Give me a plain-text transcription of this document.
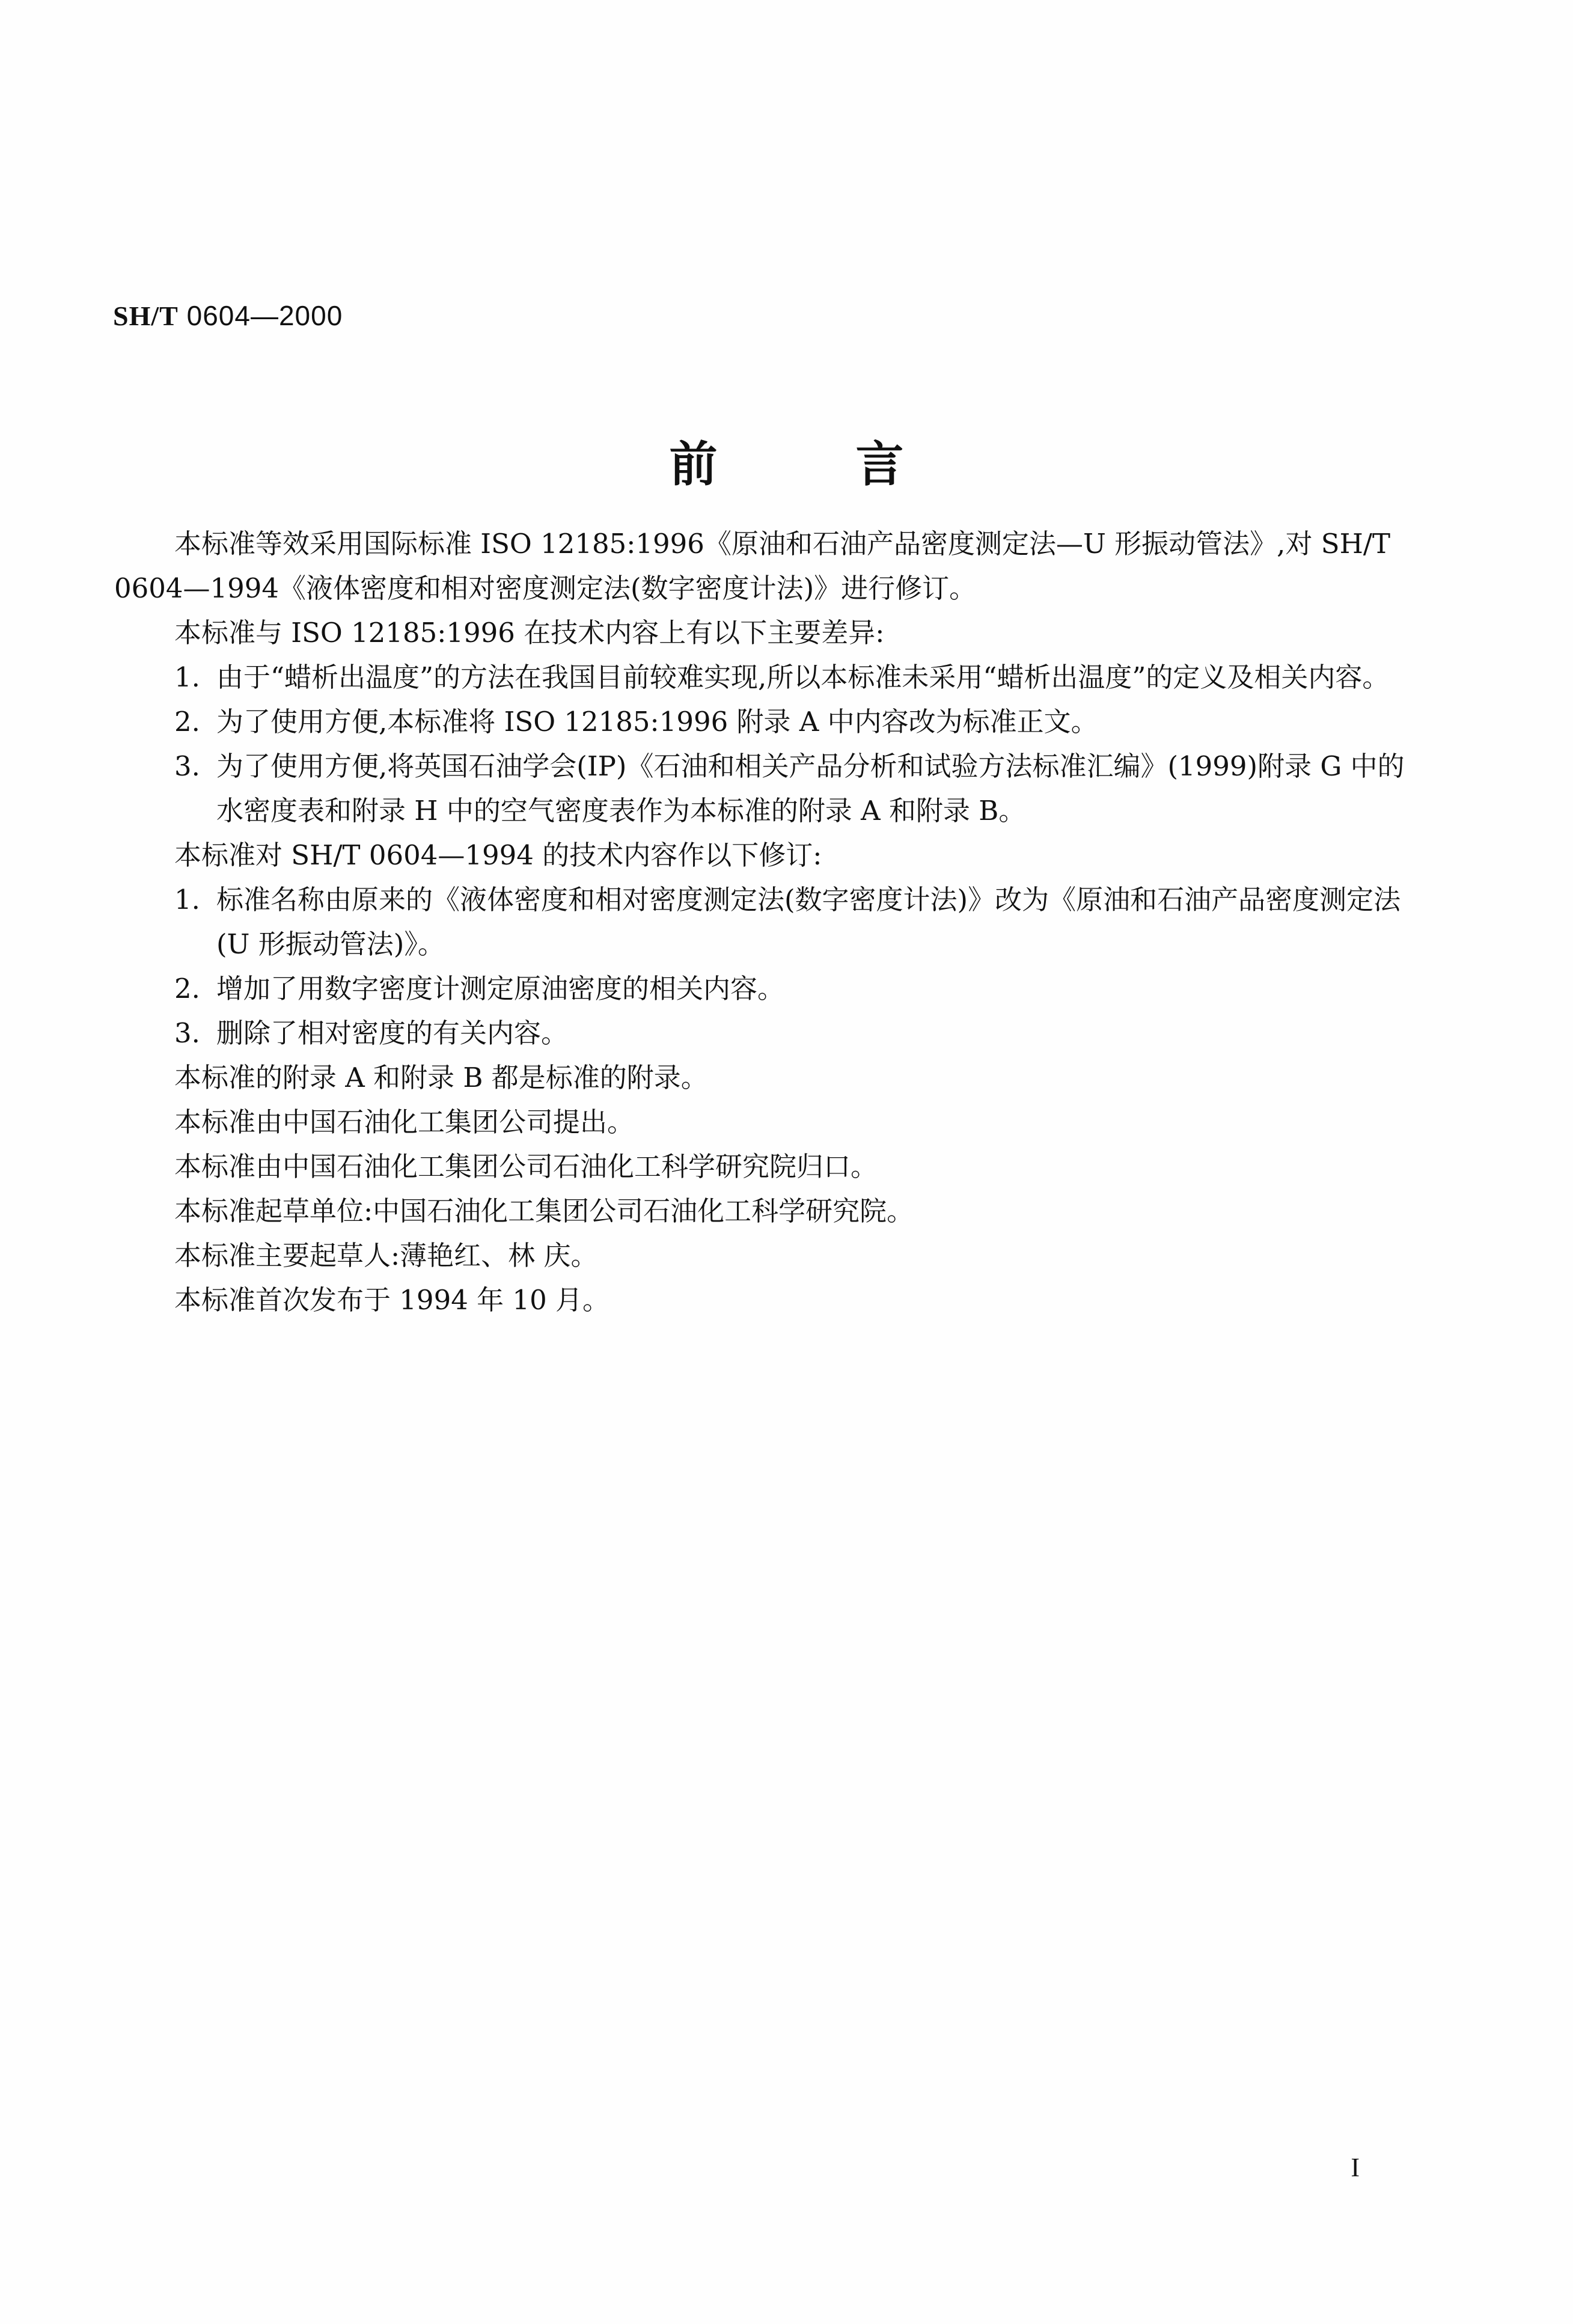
SH/T 0604—2000
前言

本标准等效采用国际标准 ISO 12185:1996《原油和石油产品密度测定法—U 形振动管法》,对 SH/T 0604—1994《液体密度和相对密度测定法(数字密度计法)》进行修订。

本标准与 ISO 12185:1996 在技术内容上有以下主要差异:

1. 由于“蜡析出温度”的方法在我国目前较难实现,所以本标准未采用“蜡析出温度”的定义及相关内容。
2. 为了使用方便,本标准将 ISO 12185:1996 附录 A 中内容改为标准正文。
3. 为了使用方便,将英国石油学会(IP)《石油和相关产品分析和试验方法标准汇编》(1999)附录 G 中的水密度表和附录 H 中的空气密度表作为本标准的附录 A 和附录 B。

本标准对 SH/T 0604—1994 的技术内容作以下修订:

1. 标准名称由原来的《液体密度和相对密度测定法(数字密度计法)》改为《原油和石油产品密度测定法(U 形振动管法)》。
2. 增加了用数字密度计测定原油密度的相关内容。
3. 删除了相对密度的有关内容。

本标准的附录 A 和附录 B 都是标准的附录。

本标准由中国石油化工集团公司提出。

本标准由中国石油化工集团公司石油化工科学研究院归口。

本标准起草单位:中国石油化工集团公司石油化工科学研究院。

本标准主要起草人:薄艳红、林 庆。

本标准首次发布于 1994 年 10 月。

I
